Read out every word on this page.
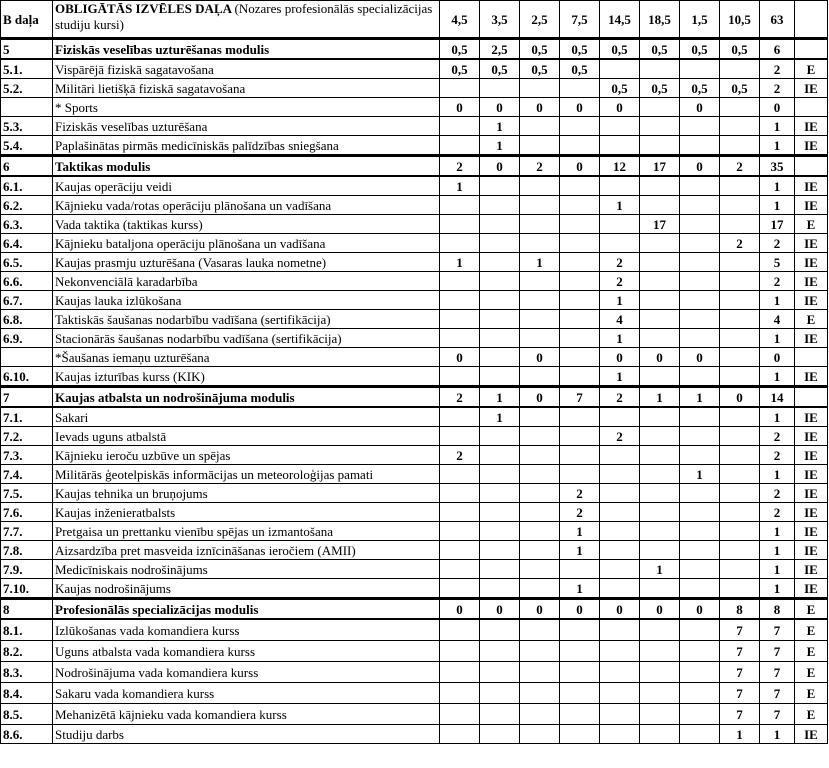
B daļa	OBLIGĀTĀS IZVĒLES DAĻA (Nozares profesionālās specializācijas studiju kursi)	4,5	3,5	2,5	7,5	14,5	18,5	1,5	10,5	63	
5	Fiziskās veselības uzturēšanas modulis	0,5	2,5	0,5	0,5	0,5	0,5	0,5	0,5	6	
5.1.	Vispārējā fiziskā sagatavošana	0,5	0,5	0,5	0,5					2	E
5.2.	Militāri lietišķā fiziskā sagatavošana					0,5	0,5	0,5	0,5	2	IE
	* Sports	0	0	0	0	0		0		0	
5.3.	Fiziskās veselības uzturēšana		1							1	IE
5.4.	Paplašinātas pirmās medicīniskās palīdzības sniegšana		1							1	IE
6	Taktikas modulis	2	0	2	0	12	17	0	2	35	
6.1.	Kaujas operāciju veidi	1								1	IE
6.2.	Kājnieku vada/rotas operāciju plānošana un vadīšana					1				1	IE
6.3.	Vada taktika (taktikas kurss)						17			17	E
6.4.	Kājnieku bataljona operāciju plānošana un vadīšana								2	2	IE
6.5.	Kaujas prasmju uzturēšana (Vasaras lauka nometne)	1		1		2				5	IE
6.6.	Nekonvenciālā karadarbība					2				2	IE
6.7.	Kaujas lauka izlūkošana					1				1	IE
6.8.	Taktiskās šaušanas nodarbību vadīšana (sertifikācija)					4				4	E
6.9.	Stacionārās šaušanas nodarbību vadīšana (sertifikācija)					1				1	IE
	*Šaušanas iemaņu uzturēšana	0		0		0	0	0		0	
6.10.	Kaujas izturības kurss (KIK)					1				1	IE
7	Kaujas atbalsta un nodrošinājuma modulis	2	1	0	7	2	1	1	0	14	
7.1.	Sakari		1							1	IE
7.2.	Ievads uguns atbalstā					2				2	IE
7.3.	Kājnieku ieroču uzbūve un spējas	2								2	IE
7.4.	Militārās ģeotelpiskās informācijas un meteoroloģijas pamati							1		1	IE
7.5.	Kaujas tehnika un bruņojums				2					2	IE
7.6.	Kaujas inženieratbalsts				2					2	IE
7.7.	Pretgaisa un prettanku vienību spējas un izmantošana				1					1	IE
7.8.	Aizsardzība pret masveida iznīcināšanas ieročiem (AMII)				1					1	IE
7.9.	Medicīniskais nodrošinājums						1			1	IE
7.10.	Kaujas nodrošinājums				1					1	IE
8	Profesionālās specializācijas modulis	0	0	0	0	0	0	0	8	8	E
8.1.	Izlūkošanas vada komandiera kurss								7	7	E
8.2.	Uguns atbalsta vada komandiera kurss								7	7	E
8.3.	Nodrošinājuma vada komandiera kurss								7	7	E
8.4.	Sakaru vada komandiera kurss								7	7	E
8.5.	Mehanizētā kājnieku vada komandiera kurss								7	7	E
8.6.	Studiju darbs								1	1	IE
